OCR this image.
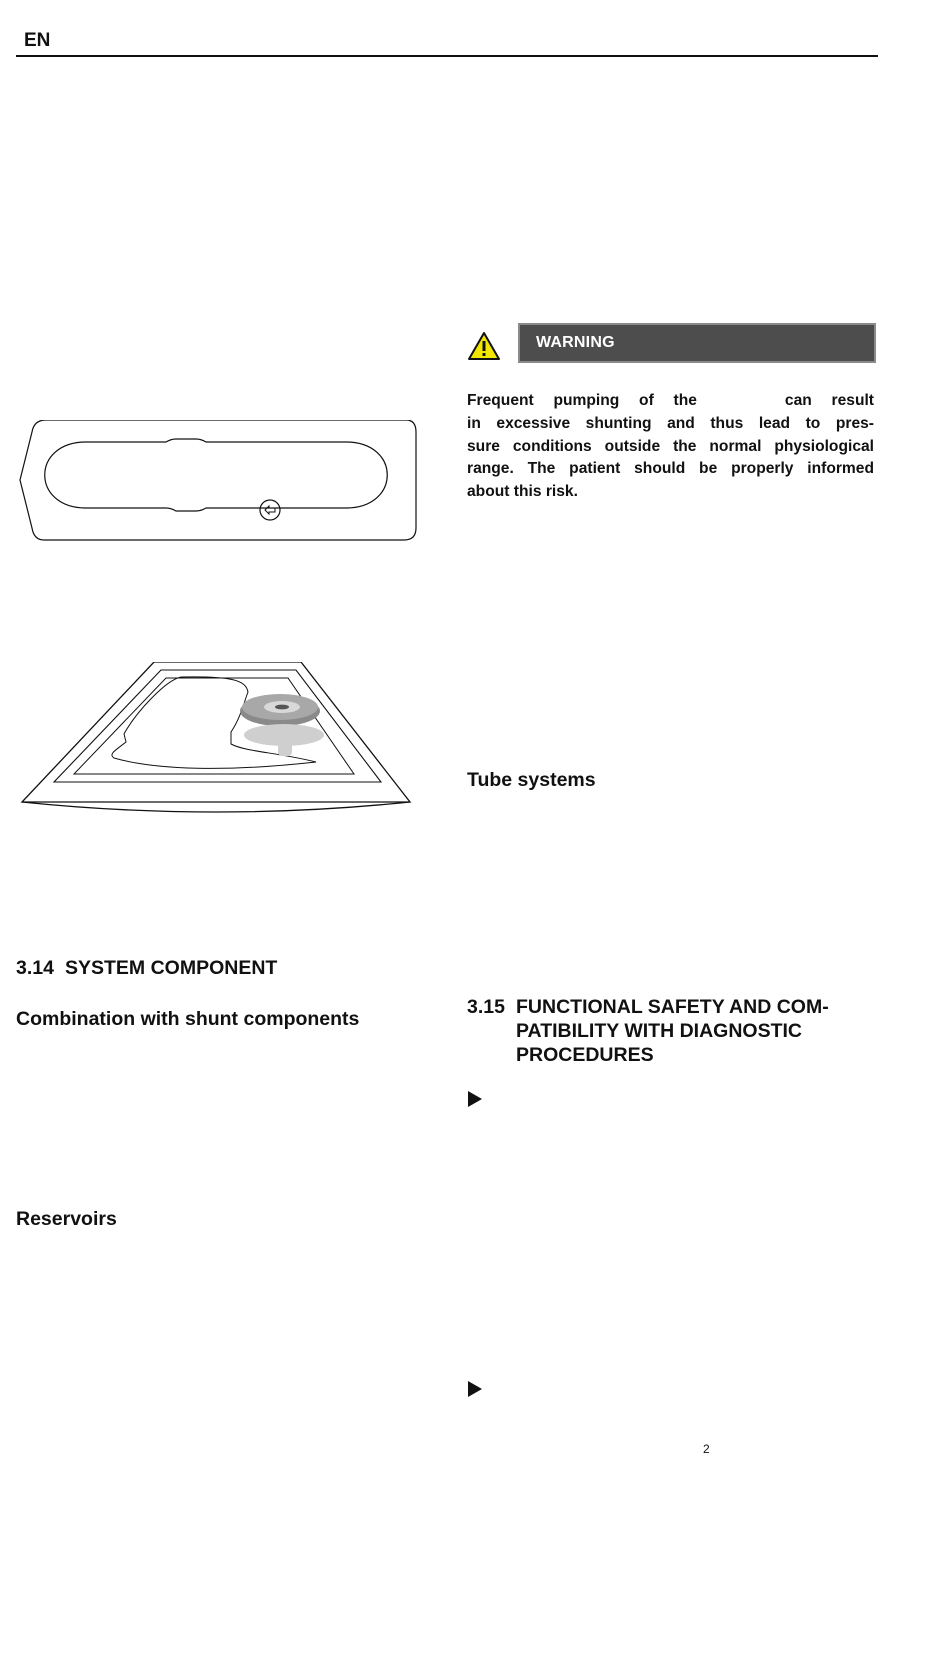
EN
WARNING
Frequent pumping of the	can result
in excessive shunting and thus lead to pres-
sure conditions outside the normal physiological
range. The patient should be properly informed
about this risk.
3.14 SYSTEM COMPONENT
Combination with shunt components
Reservoirs
Tube systems
3.15 FUNCTIONAL SAFETY AND COM-
PATIBILITY WITH DIAGNOSTIC
PROCEDURES
2
